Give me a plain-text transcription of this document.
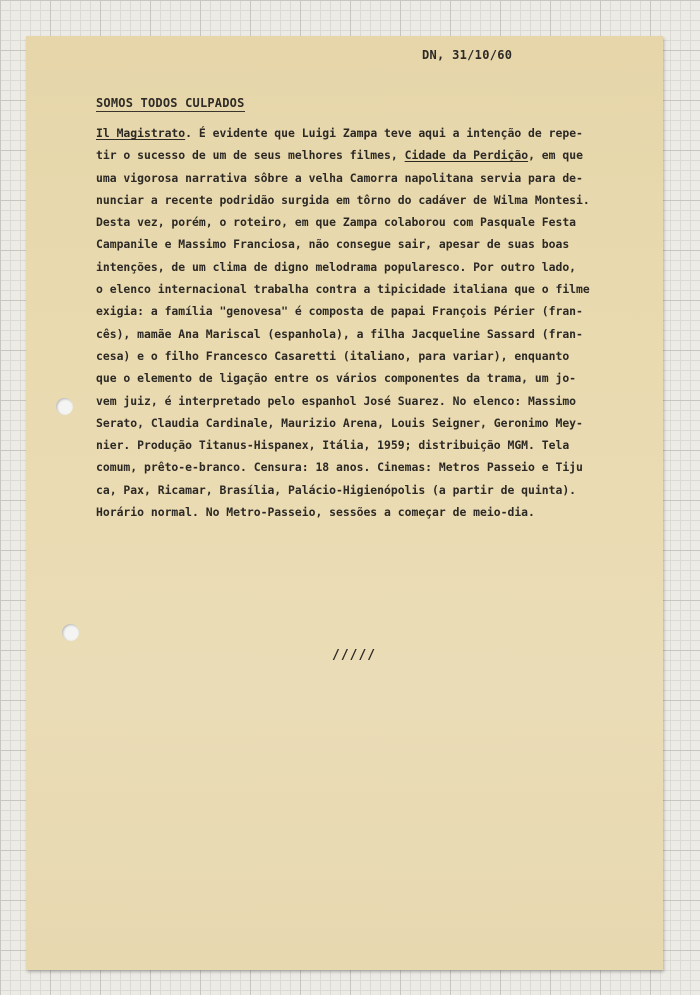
DN, 31/10/60
SOMOS TODOS CULPADOS
Il Magistrato. É evidente que Luigi Zampa teve aqui a intenção de repe-
tir o sucesso de um de seus melhores filmes, Cidade da Perdição, em que
uma vigorosa narrativa sôbre a velha Camorra napolitana servia para de-
nunciar a recente podridão surgida em tôrno do cadáver de Wilma Montesi.
Desta vez, porém, o roteiro, em que Zampa colaborou com Pasquale Festa
Campanile e Massimo Franciosa, não consegue sair, apesar de suas boas
intenções, de um clima de digno melodrama popularesco. Por outro lado,
o elenco internacional trabalha contra a tipicidade italiana que o filme
exigia: a família "genovesa" é composta de papai François Périer (fran-
cês), mamãe Ana Mariscal (espanhola), a filha Jacqueline Sassard (fran-
cesa) e o filho Francesco Casaretti (italiano, para variar), enquanto
que o elemento de ligação entre os vários componentes da trama, um jo-
vem juiz, é interpretado pelo espanhol José Suarez. No elenco: Massimo
Serato, Claudia Cardinale, Maurizio Arena, Louis Seigner, Geronimo Mey-
nier. Produção Titanus-Hispanex, Itália, 1959; distribuição MGM. Tela
comum, prêto-e-branco. Censura: 18 anos. Cinemas: Metros Passeio e Tiju
ca, Pax, Ricamar, Brasília, Palácio-Higienópolis (a partir de quinta).
Horário normal. No Metro-Passeio, sessões a começar de meio-dia.
/////
